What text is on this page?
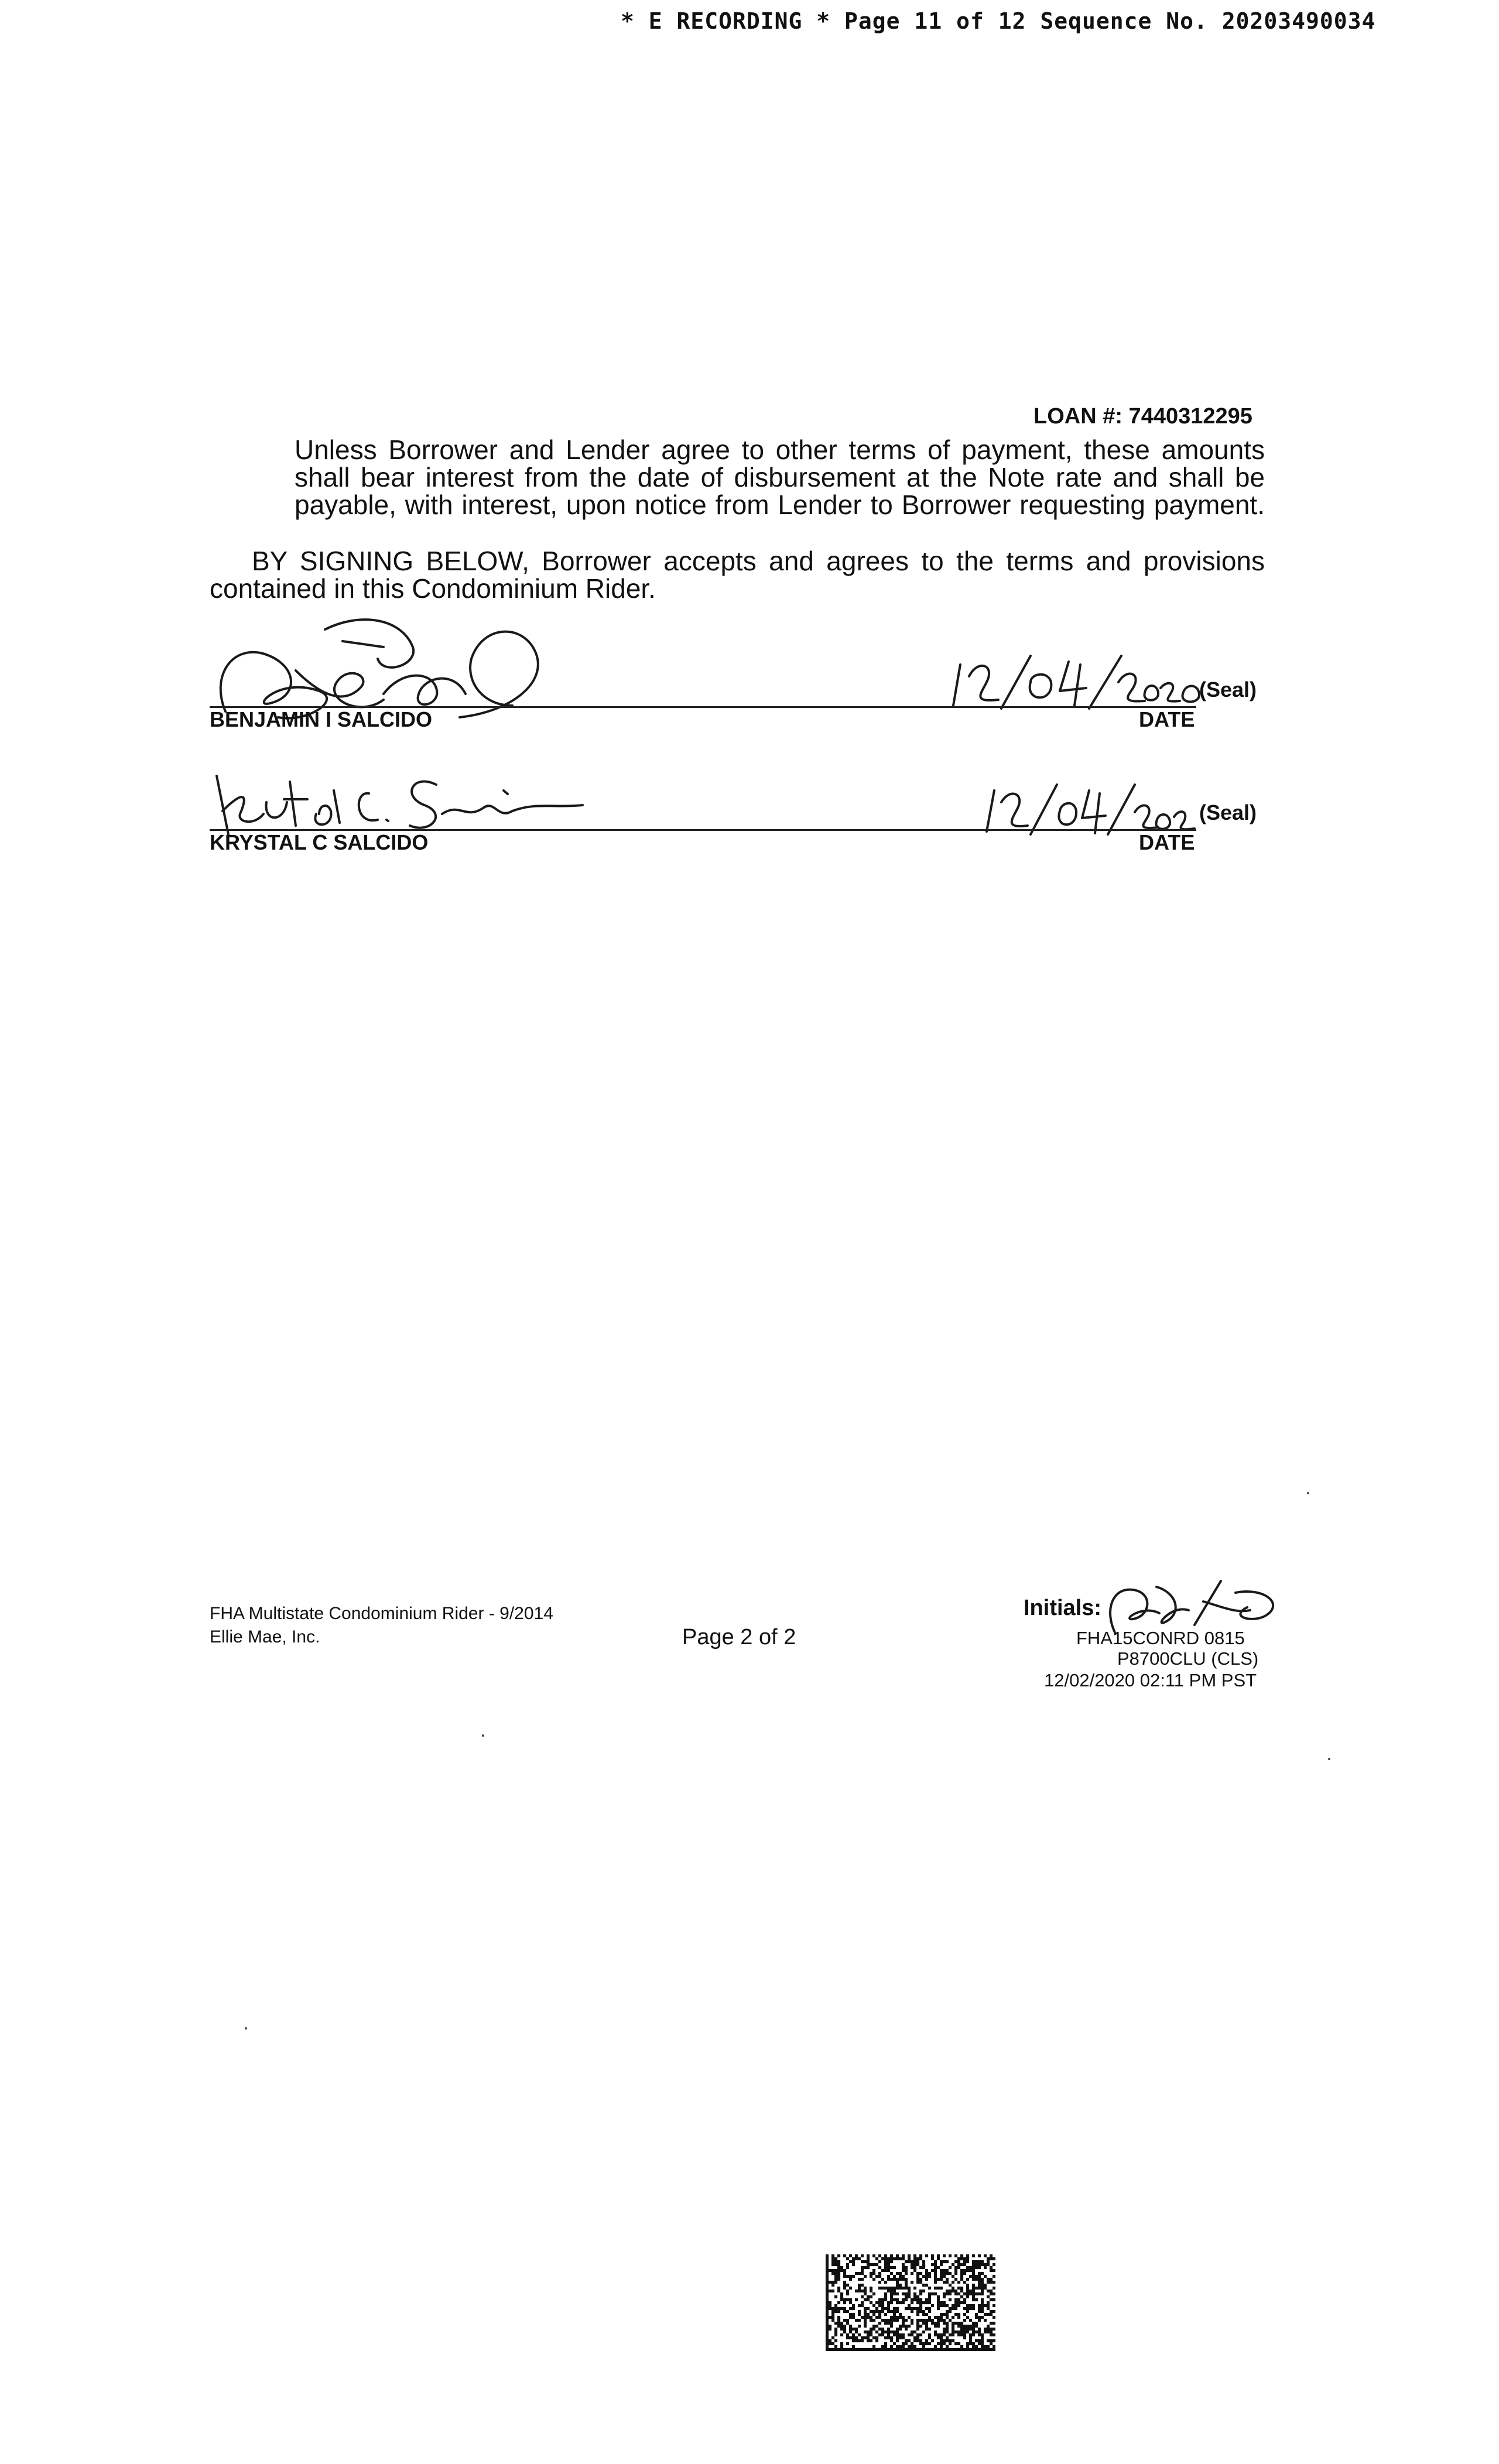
* E RECORDING * Page 11 of 12 Sequence No. 20203490034
LOAN #: 7440312295
Unless Borrower and Lender agree to other terms of payment, these amounts
shall bear interest from the date of disbursement at the Note rate and shall be
payable, with interest, upon notice from Lender to Borrower requesting payment.
BY SIGNING BELOW, Borrower accepts and agrees to the terms and provisions
contained in this Condominium Rider.
(Seal)
BENJAMIN I SALCIDO	DATE
(Seal)
KRYSTAL C SALCIDO	DATE
FHA Multistate Condominium Rider - 9/2014
Ellie Mae, Inc.	Page 2 of 2
Initials:
FHA15CONRD 0815
P8700CLU (CLS)
12/02/2020 02:11 PM PST
